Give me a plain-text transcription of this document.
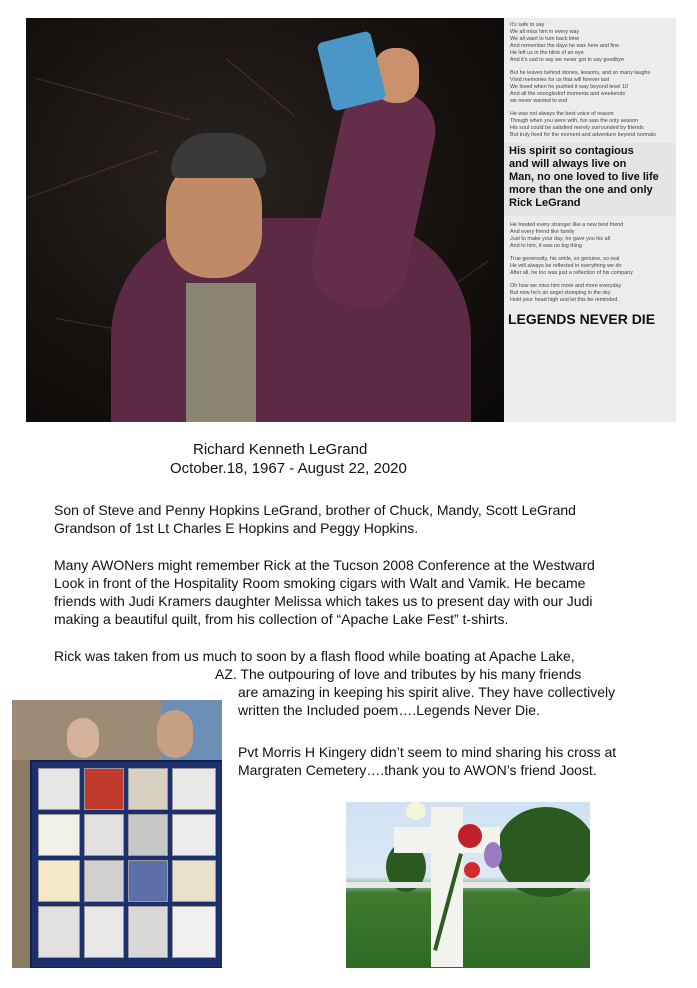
It's safe to say
We all miss him in every way
We all want to turn back time
And remember the days he was here and fine
He left us in the blink of an eye
And it's sad to say we never got to say goodbye
But he leaves behind stories, lessons, and so many laughs
Vivid memories for us that will forever last
We loved when he pushed it way beyond level 10
And all the snoogledorf moments and weekends
we never wanted to end
He was not always the best voice of reason
Though when you were with, fun was the only season
His soul could be satisfied merely surrounded by friends
But truly lived for the moment and adventure beyond normals
His spirit so contagious
and will always live on
Man, no one loved to live life
more than the one and only
Rick LeGrand
He treated every stranger like a new best friend
And every friend like family
Just to make your day, he gave you his all
And to him, it was no big thing
True generosity, his smile, so genuine, so real
He will always be reflected in everything we do
After all, he too was just a reflection of his company
Oh how we miss him more and more everyday
But now he's an angel stomping in the sky
Hold your head high and let this be reminded.
LEGENDS NEVER DIE
Richard Kenneth LeGrand
October.18, 1967 - August 22, 2020
Son of Steve and Penny Hopkins LeGrand, brother of Chuck, Mandy, Scott LeGrand
Grandson of 1st Lt Charles E Hopkins and Peggy Hopkins.
Many AWONers might remember Rick at the Tucson 2008 Conference at the Westward
Look in front of the Hospitality Room smoking cigars with Walt and Vamik. He became
friends with Judi Kramers daughter Melissa which takes us to present day with our Judi
making a beautiful quilt, from his collection of “Apache Lake Fest” t-shirts.
Rick was taken from us much to soon by a flash flood while boating at Apache Lake,
AZ. The outpouring of love and tributes by his many friends
are amazing in keeping his spirit alive. They have collectively
written the Included poem….Legends Never Die.
Pvt Morris H Kingery didn’t seem to mind sharing his cross at
Margraten Cemetery….thank you to AWON’s friend Joost.
